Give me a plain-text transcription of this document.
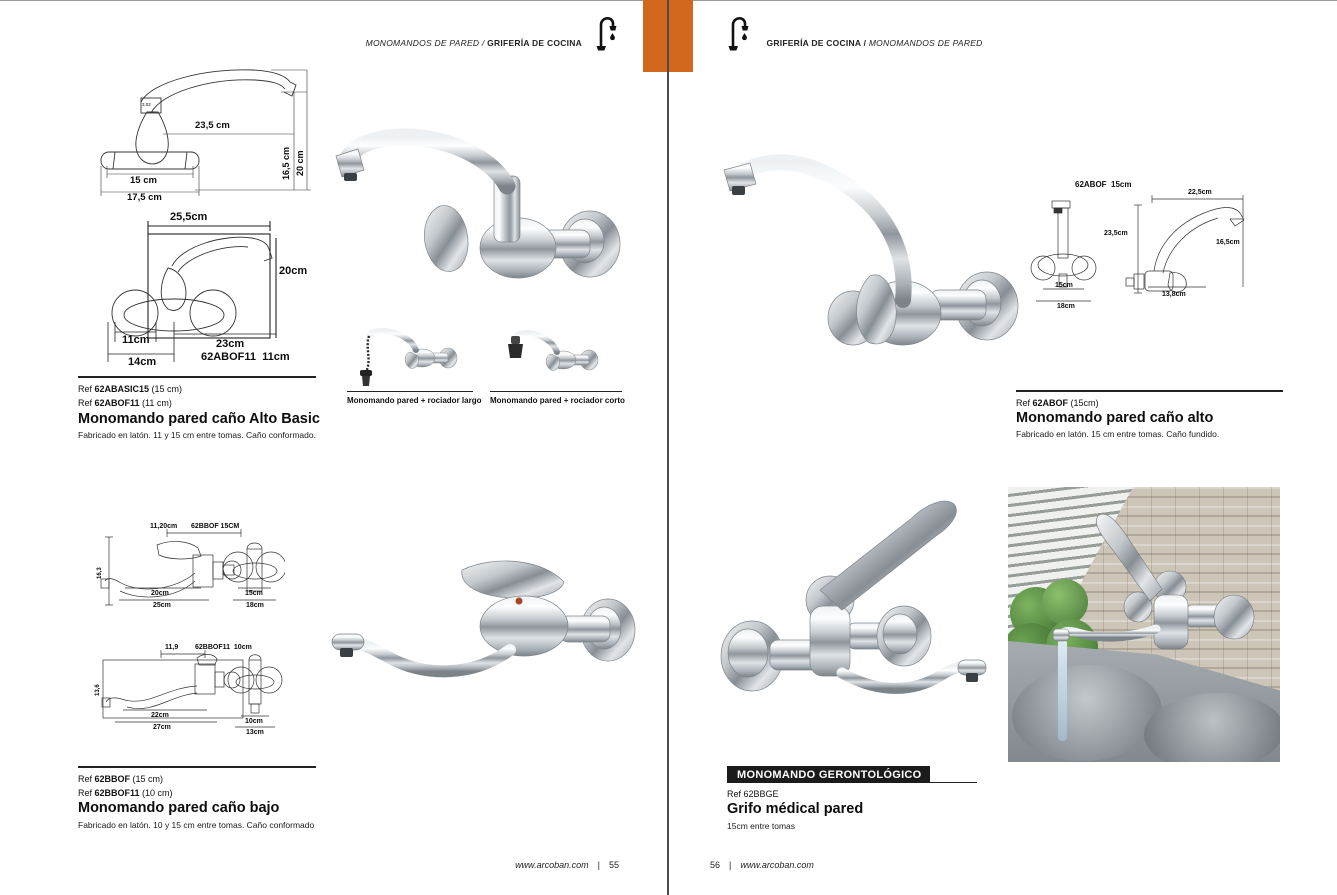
MONOMANDOS DE PARED / GRIFERÍA DE COCINA

3.02
23,5 cm
16,5 cm 20 cm
15 cm
17,5 cm
25,5cm
20cm
11cm
14cm
23cm
62ABOF11  11cm
Ref 62ABASIC15 (15 cm)
Ref 62ABOF11 (11 cm)
Monomando pared caño Alto Basic
Fabricado en latón. 11 y 15 cm entre tomas. Caño conformado.
Monomando pared + rociador largo Monomando pared + rociador corto
11,20cm 62BBOF 15CM
16,3
20cm
25cm
15cm
18cm
11,9 62BBOF11  10cm
13,6
22cm
27cm
10cm
13cm
Ref 62BBOF (15 cm)
Ref 62BBOF11 (10 cm)
Monomando pared caño bajo
Fabricado en latón. 10 y 15 cm entre tomas. Caño conformado

www.arcoban.com | 55

GRIFERÍA DE COCINA / MONOMANDOS DE PARED

62ABOF  15cm
22,5cm
23,5cm
16,5cm
13,8cm
15cm
18cm
Ref 62ABOF (15cm)
Monomando pared caño alto
Fabricado en latón. 15 cm entre tomas. Caño fundido.
MONOMANDO GERONTOLÓGICO
Ref 62BBGE
Grifo médical pared
15cm entre tomas

56 | www.arcoban.com
